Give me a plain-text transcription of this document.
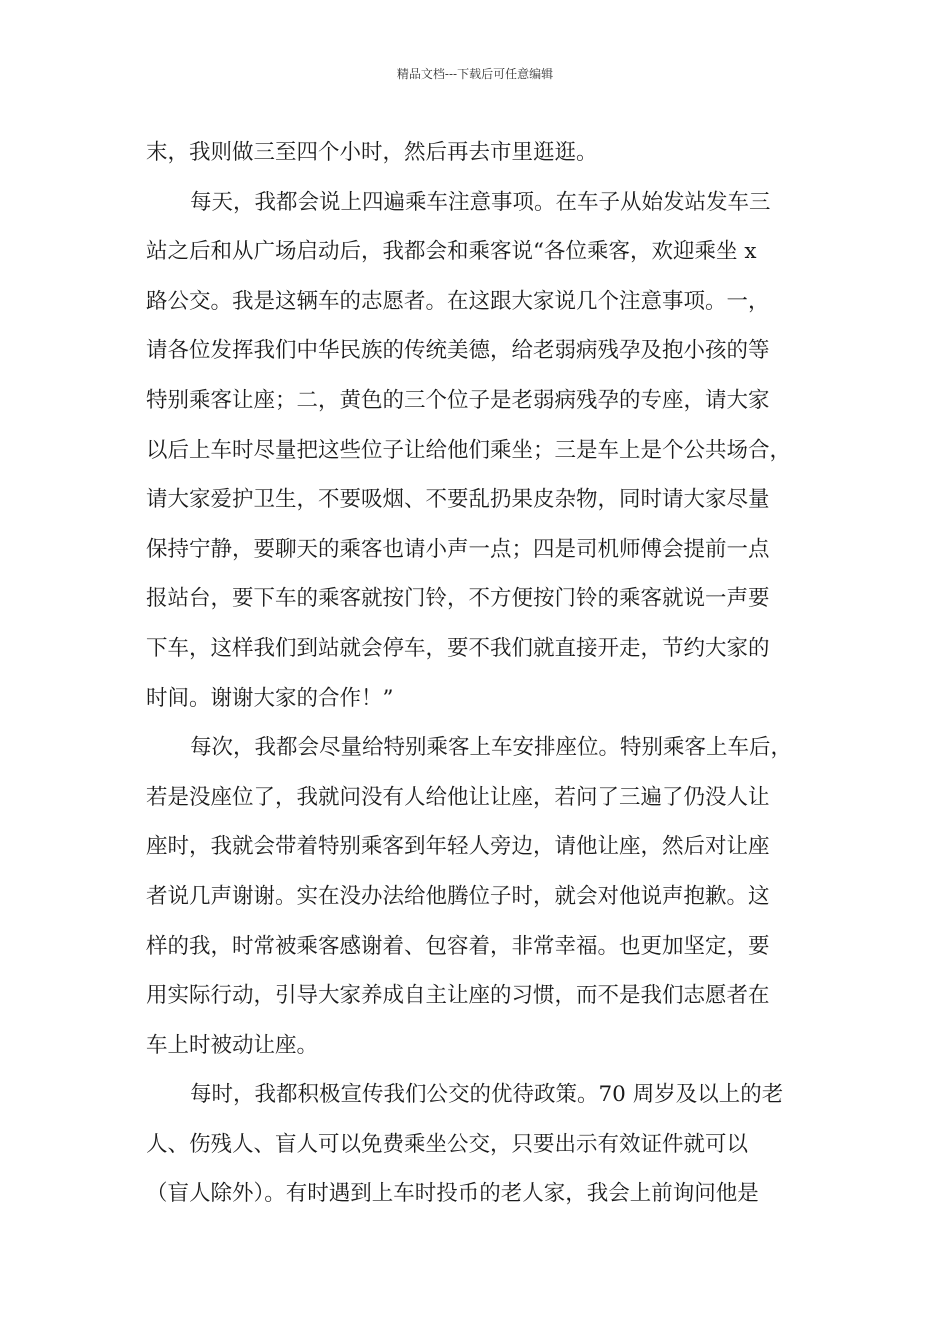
精品文档---下载后可任意编辑
末，我则做三至四个小时，然后再去市里逛逛。
每天，我都会说上四遍乘车注意事项。在车子从始发站发车三
站之后和从广场启动后，我都会和乘客说“各位乘客，欢迎乘坐 x
路公交。我是这辆车的志愿者。在这跟大家说几个注意事项。一，
请各位发挥我们中华民族的传统美德，给老弱病残孕及抱小孩的等
特别乘客让座；二，黄色的三个位子是老弱病残孕的专座，请大家
以后上车时尽量把这些位子让给他们乘坐；三是车上是个公共场合，
请大家爱护卫生，不要吸烟、不要乱扔果皮杂物，同时请大家尽量
保持宁静，要聊天的乘客也请小声一点；四是司机师傅会提前一点
报站台，要下车的乘客就按门铃，不方便按门铃的乘客就说一声要
下车，这样我们到站就会停车，要不我们就直接开走，节约大家的
时间。谢谢大家的合作！”
每次，我都会尽量给特别乘客上车安排座位。特别乘客上车后，
若是没座位了，我就问没有人给他让让座，若问了三遍了仍没人让
座时，我就会带着特别乘客到年轻人旁边，请他让座，然后对让座
者说几声谢谢。实在没办法给他腾位子时，就会对他说声抱歉。这
样的我，时常被乘客感谢着、包容着，非常幸福。也更加坚定，要
用实际行动，引导大家养成自主让座的习惯，而不是我们志愿者在
车上时被动让座。
每时，我都积极宣传我们公交的优待政策。70 周岁及以上的老
人、伤残人、盲人可以免费乘坐公交，只要出示有效证件就可以
（盲人除外）。有时遇到上车时投币的老人家，我会上前询问他是
